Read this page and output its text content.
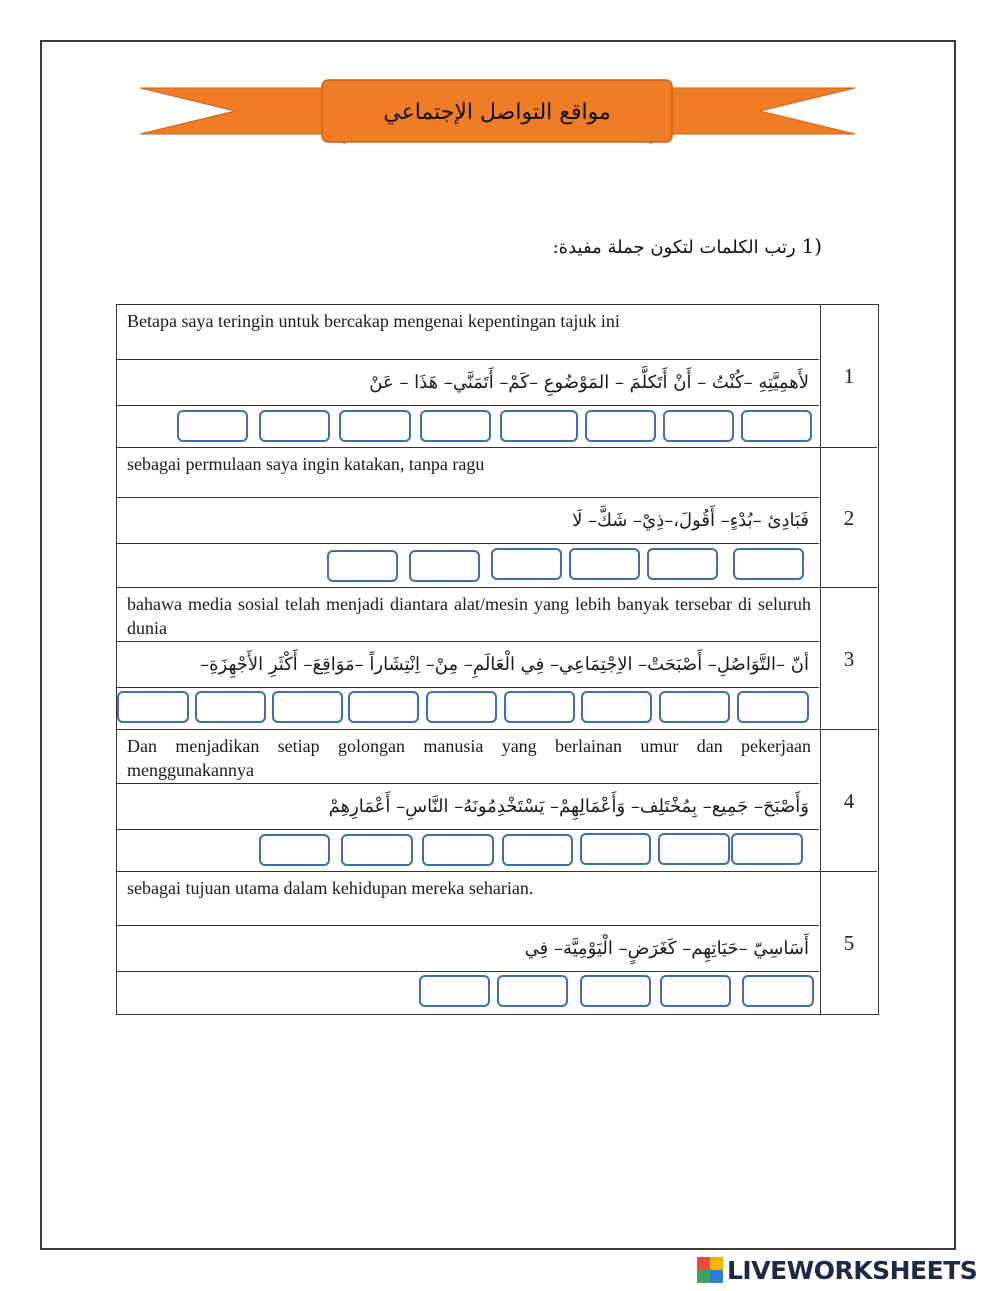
مواقع التواصل الإجتماعي
1) رتب الكلمات لتكون جملة مفيدة:
Betapa saya teringin untuk bercakap mengenai kepentingan tajuk ini
لأَهمِيَّتِهِ –كُنْتُ – أَنْ أَتَكلَّمَ – المَوْضُوعِ –كَمْ– أَتَمَنَّي– هَذَا – عَنْ	1
sebagai permulaan saya ingin katakan, tanpa ragu
فَبَادِئ –بُدْءٍ– أَقُولَ،–ذِيْ– شَكَّ– لَا	2
bahawa media sosial telah menjadi diantara alat/mesin yang lebih banyak tersebar di seluruh dunia
أنّ –التَّوَاصُلِ– أَصْبَحَتْ– الاِجْتِمَاعِي– فِي الْعَالَمِ– مِنْ– اِنْتِشَاراً –مَوَاقِعَ– أَكْثَرِ الأَجْهِزَةِ–	3
Dan menjadikan setiap golongan manusia yang berlainan umur dan pekerjaan menggunakannya
وَأَصْبَحَ– جَمِيع– بِمُخْتَلِف– وَأَعْمَالِهِمْ– يَسْتَخْدِمُونَهُ– النَّاسِ– أَعْمَارِهِمْ	4
sebagai tujuan utama dalam kehidupan mereka seharian.
أَسَاسِيّ –حَيَاتِهِم– كَغَرَضٍ– الْيَوْمِيَّة– فِي	5
LIVEWORKSHEETS
